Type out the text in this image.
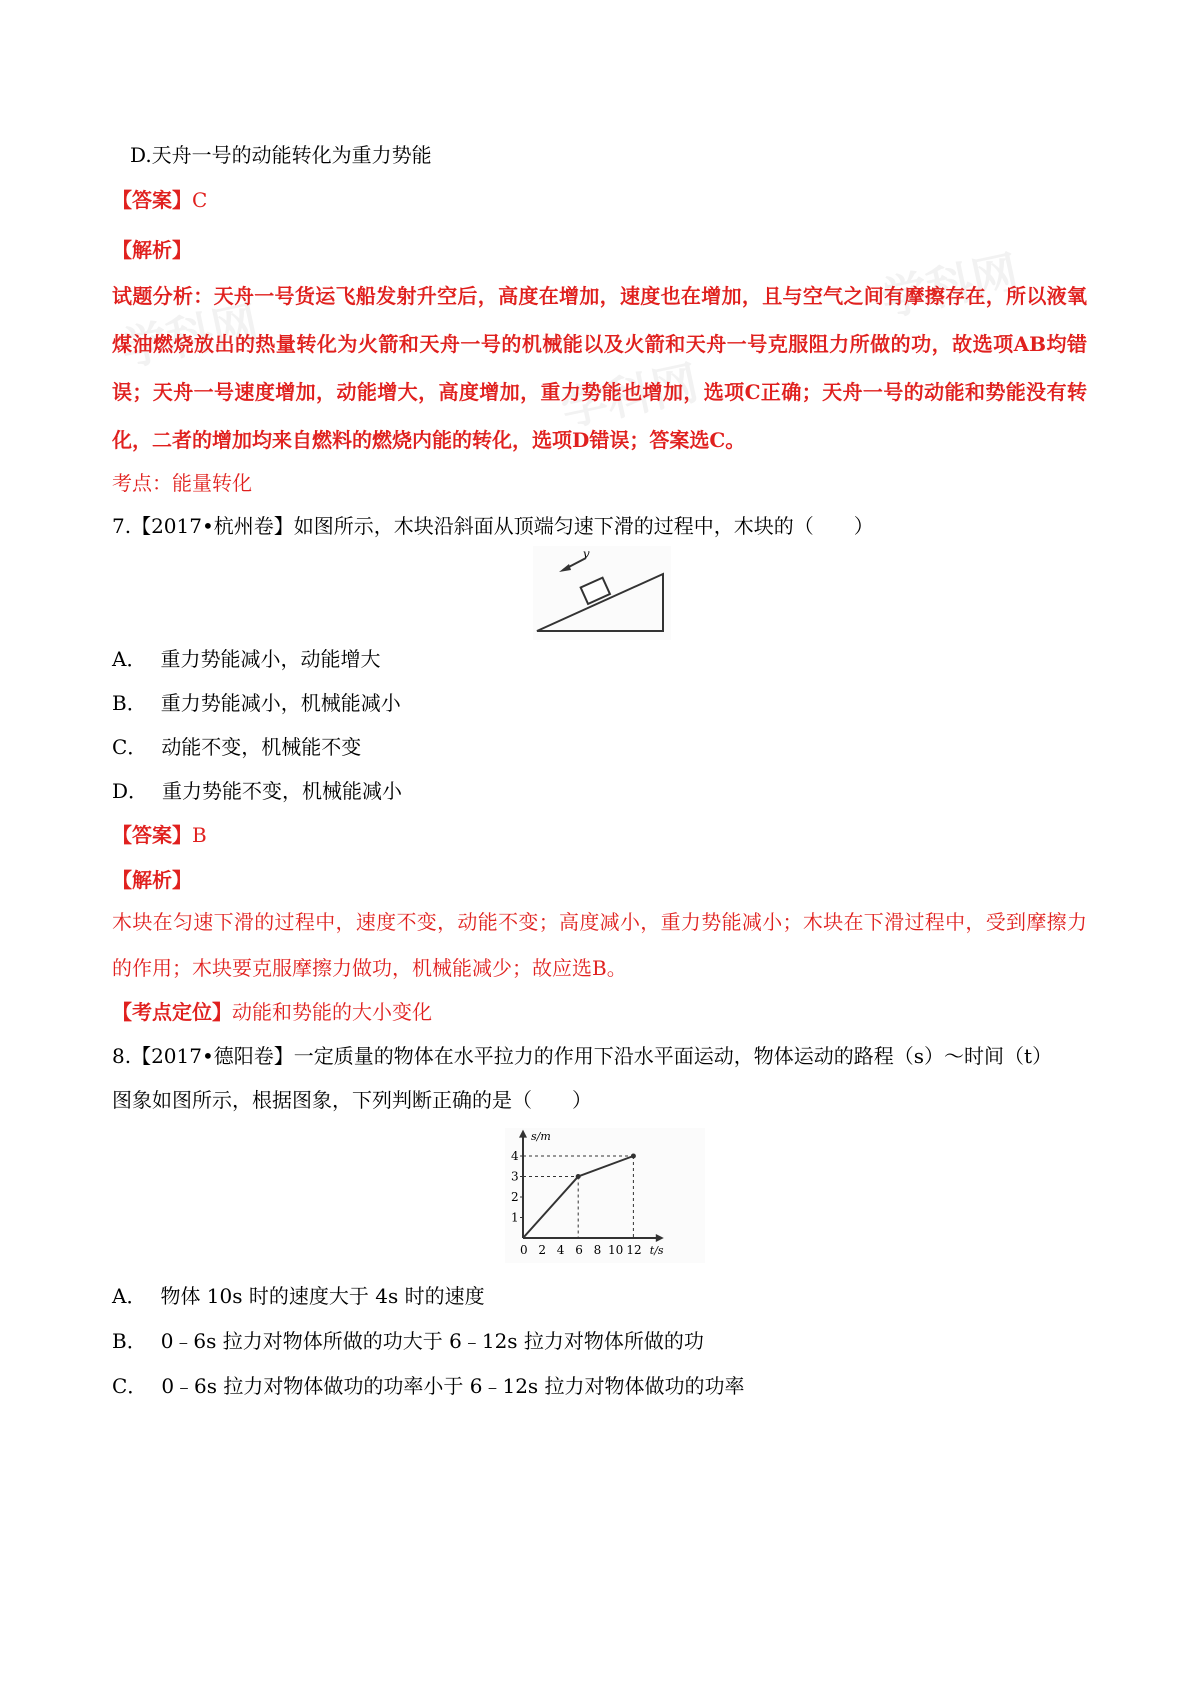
学科网
学科网
学科网
D.天舟一号的动能转化为重力势能
【答案】C
【解析】
试题分析：天舟一号货运飞船发射升空后，高度在增加，速度也在增加，且与空气之间有摩擦存在，所以液氧煤油燃烧放出的热量转化为火箭和天舟一号的机械能以及火箭和天舟一号克服阻力所做的功，故选项AB均错误；天舟一号速度增加，动能增大，高度增加，重力势能也增加，选项C正确；天舟一号的动能和势能没有转化，二者的增加均来自燃料的燃烧内能的转化，选项D错误；答案选C。
考点：能量转化
7.【2017•杭州卷】如图所示，木块沿斜面从顶端匀速下滑的过程中，木块的（　　）
v
A． 重力势能减小，动能增大
B． 重力势能减小，机械能减小
C． 动能不变，机械能不变
D． 重力势能不变，机械能减小
【答案】B
【解析】
木块在匀速下滑的过程中，速度不变，动能不变；高度减小，重力势能减小；木块在下滑过程中，受到摩擦力的作用；木块要克服摩擦力做功，机械能减少；故应选B。
【考点定位】动能和势能的大小变化
8.【2017•德阳卷】一定质量的物体在水平拉力的作用下沿水平面运动，物体运动的路程（s）～时间（t）
图象如图所示，根据图象，下列判断正确的是（　　）
s/m
t/s
0 2 4 6 8 10 12
1
2
3
4
A． 物体 10s 时的速度大于 4s 时的速度
B． 0﹣6s 拉力对物体所做的功大于 6﹣12s 拉力对物体所做的功
C． 0﹣6s 拉力对物体做功的功率小于 6﹣12s 拉力对物体做功的功率
